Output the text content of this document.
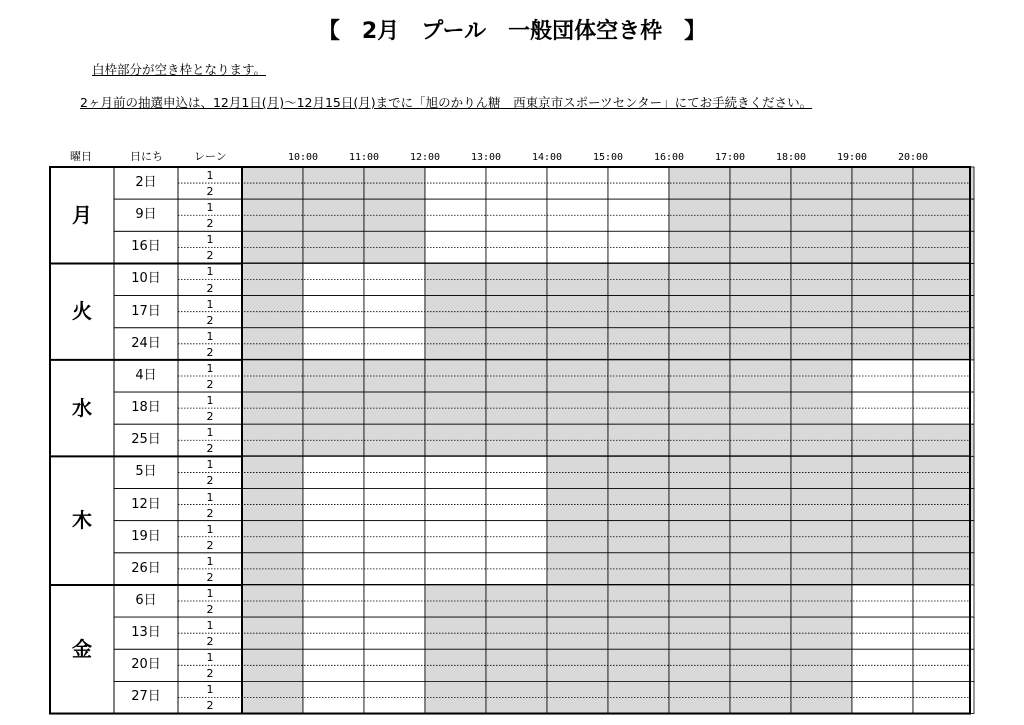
【　2月　プール　一般団体空き枠　】
白枠部分が空き枠となります。
2ヶ月前の抽選申込は、12月1日(月)～12月15日(月)までに「旭のかりん糖　西東京市スポーツセンター」にてお手続きください。
曜日	日にち	レーン	10:00	11:00	12:00	13:00	14:00	15:00	16:00	17:00	18:00	19:00	20:00
月
2日	1
2
9日	1
2
16日	1
2
火
10日	1
2
17日	1
2
24日	1
2
水
4日	1
2
18日	1
2
25日	1
2
木
5日	1
2
12日	1
2
19日	1
2
26日	1
2
金
6日	1
2
13日	1
2
20日	1
2
27日	1
2
